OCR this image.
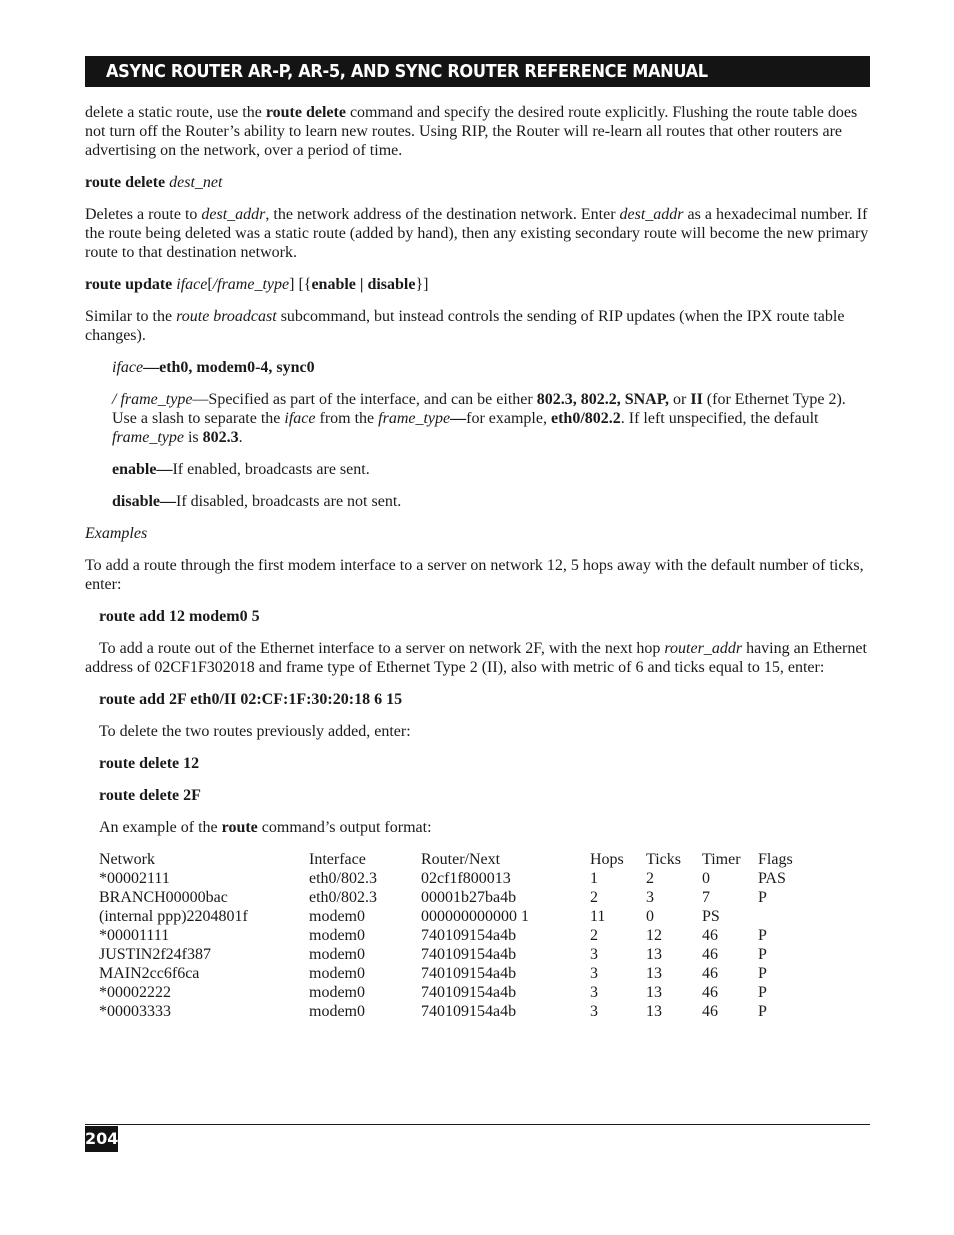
ASYNC ROUTER AR-P, AR-5, AND SYNC ROUTER REFERENCE MANUAL

delete a static route, use the route delete command and specify the desired route explicitly. Flushing the route table does not turn off the Router’s ability to learn new routes. Using RIP, the Router will re-learn all routes that other routers are advertising on the network, over a period of time.

route delete dest_net

Deletes a route to dest_addr, the network address of the destination network. Enter dest_addr as a hexadecimal number. If the route being deleted was a static route (added by hand), then any existing secondary route will become the new primary route to that destination network.

route update iface[/frame_type] [{enable | disable}]

Similar to the route broadcast subcommand, but instead controls the sending of RIP updates (when the IPX route table changes).

iface—eth0, modem0-4, sync0

/ frame_type—Specified as part of the interface, and can be either 802.3, 802.2, SNAP, or II (for Ethernet Type 2). Use a slash to separate the iface from the frame_type—for example, eth0/802.2. If left unspecified, the default frame_type is 802.3.

enable—If enabled, broadcasts are sent.

disable—If disabled, broadcasts are not sent.

Examples

To add a route through the first modem interface to a server on network 12, 5 hops away with the default number of ticks, enter:

route add 12 modem0 5

To add a route out of the Ethernet interface to a server on network 2F, with the next hop router_addr having an Ethernet address of 02CF1F302018 and frame type of Ethernet Type 2 (II), also with metric of 6 and ticks equal to 15, enter:

route add 2F eth0/II 02:CF:1F:30:20:18 6 15

To delete the two routes previously added, enter:

route delete 12

route delete 2F

An example of the route command’s output format:

Network	Interface	Router/Next	Hops	Ticks	Timer	Flags
*00002111	eth0/802.3	02cf1f800013	1	2	0	PAS
BRANCH00000bac	eth0/802.3	00001b27ba4b	2	3	7	P
(internal ppp)2204801f	modem0	000000000000 1	11	0	PS	
*00001111	modem0	740109154a4b	2	12	46	P
JUSTIN2f24f387	modem0	740109154a4b	3	13	46	P
MAIN2cc6f6ca	modem0	740109154a4b	3	13	46	P
*00002222	modem0	740109154a4b	3	13	46	P
*00003333	modem0	740109154a4b	3	13	46	P
204
